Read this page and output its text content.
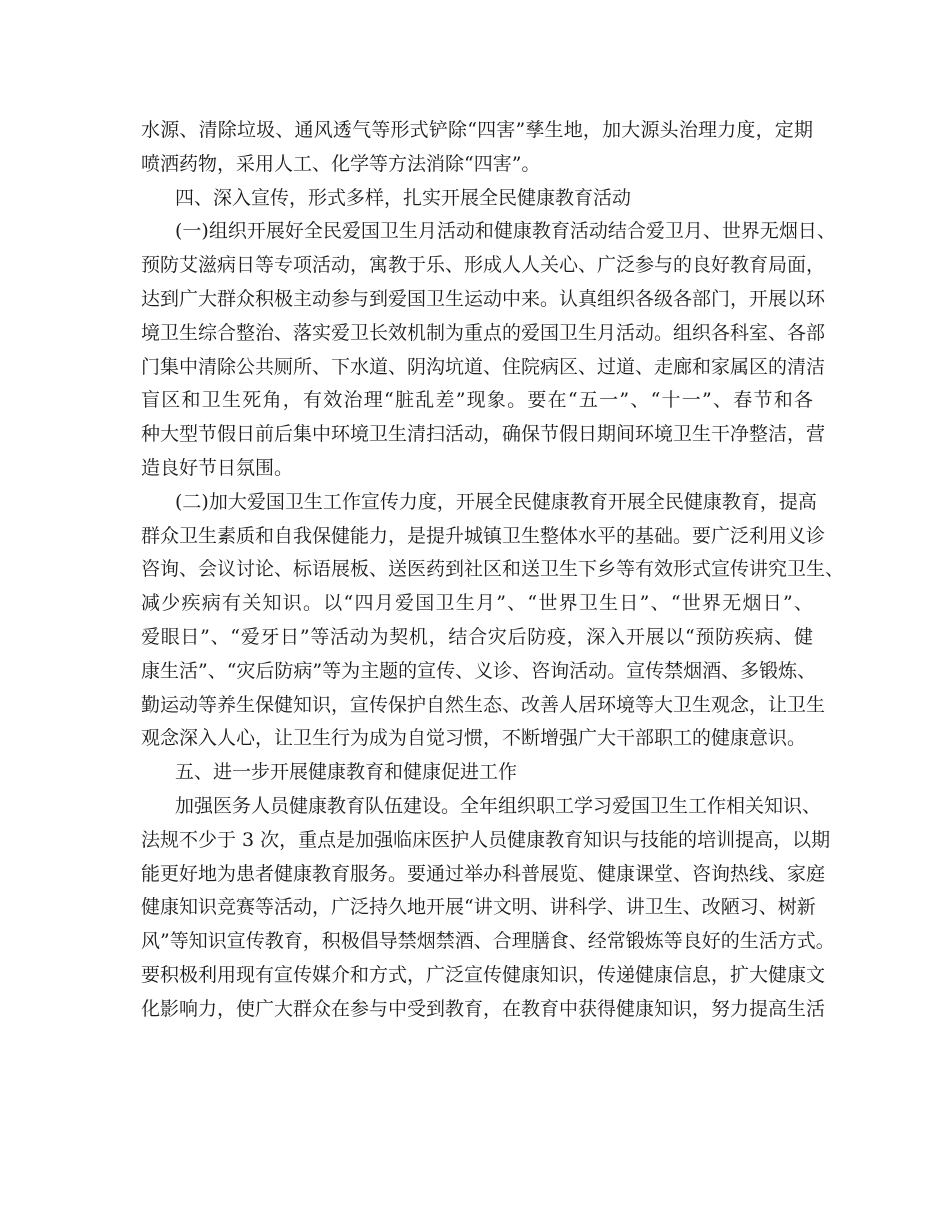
水源、清除垃圾、通风透气等形式铲除“四害”孳生地，加大源头治理力度，定期
喷洒药物，采用人工、化学等方法消除“四害”。
四、深入宣传，形式多样，扎实开展全民健康教育活动
(一)组织开展好全民爱国卫生月活动和健康教育活动结合爱卫月、世界无烟日、
预防艾滋病日等专项活动，寓教于乐、形成人人关心、广泛参与的良好教育局面，
达到广大群众积极主动参与到爱国卫生运动中来。认真组织各级各部门，开展以环
境卫生综合整治、落实爱卫长效机制为重点的爱国卫生月活动。组织各科室、各部
门集中清除公共厕所、下水道、阴沟坑道、住院病区、过道、走廊和家属区的清洁
盲区和卫生死角，有效治理“脏乱差”现象。要在“五一”、“十一”、春节和各
种大型节假日前后集中环境卫生清扫活动，确保节假日期间环境卫生干净整洁，营
造良好节日氛围。
(二)加大爱国卫生工作宣传力度，开展全民健康教育开展全民健康教育，提高
群众卫生素质和自我保健能力，是提升城镇卫生整体水平的基础。要广泛利用义诊
咨询、会议讨论、标语展板、送医药到社区和送卫生下乡等有效形式宣传讲究卫生、
减少疾病有关知识。以“四月爱国卫生月”、“世界卫生日”、“世界无烟日”、
爱眼日”、“爱牙日”等活动为契机，结合灾后防疫，深入开展以“预防疾病、健
康生活”、“灾后防病”等为主题的宣传、义诊、咨询活动。宣传禁烟酒、多锻炼、
勤运动等养生保健知识，宣传保护自然生态、改善人居环境等大卫生观念，让卫生
观念深入人心，让卫生行为成为自觉习惯，不断增强广大干部职工的健康意识。
五、进一步开展健康教育和健康促进工作
加强医务人员健康教育队伍建设。全年组织职工学习爱国卫生工作相关知识、
法规不少于 3 次，重点是加强临床医护人员健康教育知识与技能的培训提高，以期
能更好地为患者健康教育服务。要通过举办科普展览、健康课堂、咨询热线、家庭
健康知识竞赛等活动，广泛持久地开展“讲文明、讲科学、讲卫生、改陋习、树新
风”等知识宣传教育，积极倡导禁烟禁酒、合理膳食、经常锻炼等良好的生活方式。
要积极利用现有宣传媒介和方式，广泛宣传健康知识，传递健康信息，扩大健康文
化影响力，使广大群众在参与中受到教育，在教育中获得健康知识，努力提高生活
